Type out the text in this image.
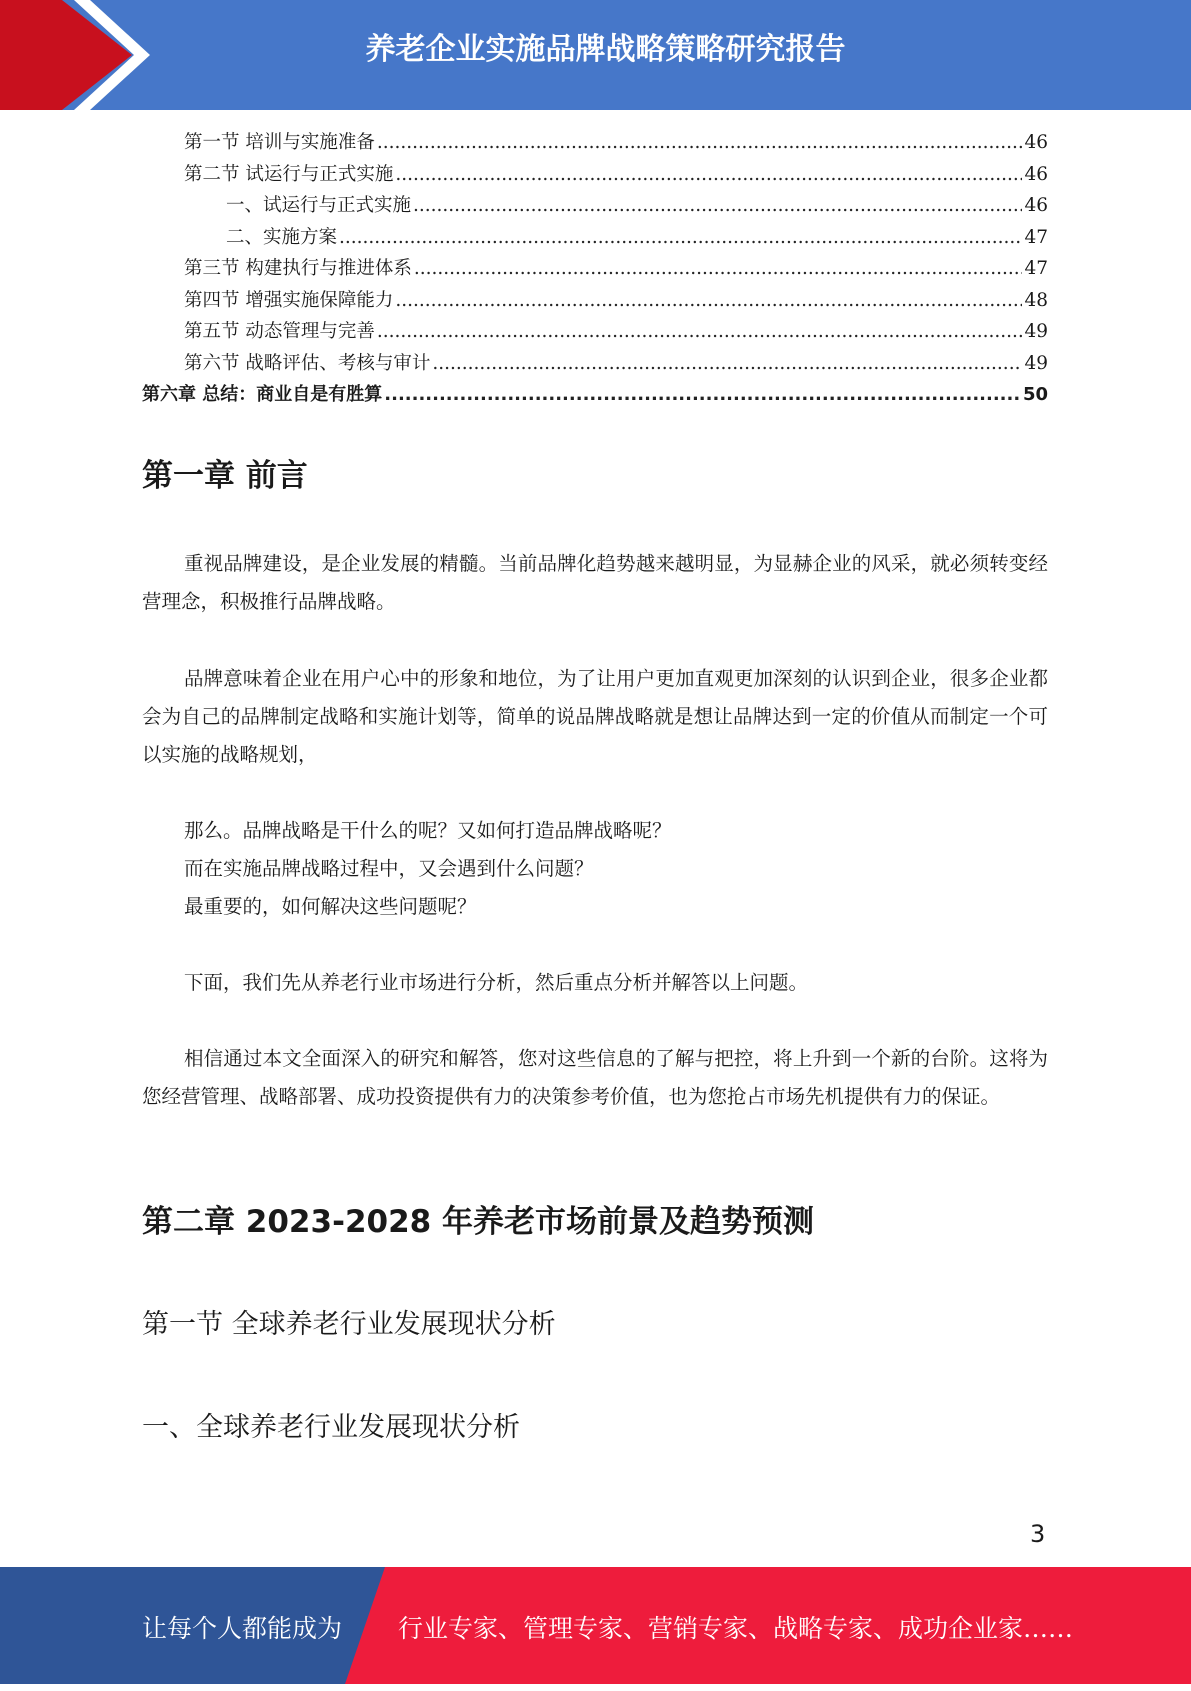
养老企业实施品牌战略策略研究报告
第一节 培训与实施准备 .....	46
第二节 试运行与正式实施 .....	46
一、试运行与正式实施 .....	46
二、实施方案 .....	47
第三节 构建执行与推进体系 .....	47
第四节 增强实施保障能力 .....	48
第五节 动态管理与完善 .....	49
第六节 战略评估、考核与审计 .....	49
第六章 总结：商业自是有胜算 .....	50
第一章 前言

重视品牌建设，是企业发展的精髓。当前品牌化趋势越来越明显，为显赫企业的风采，就必须转变经营理念，积极推行品牌战略。

品牌意味着企业在用户心中的形象和地位，为了让用户更加直观更加深刻的认识到企业，很多企业都会为自己的品牌制定战略和实施计划等，简单的说品牌战略就是想让品牌达到一定的价值从而制定一个可以实施的战略规划，

那么。品牌战略是干什么的呢？又如何打造品牌战略呢？

而在实施品牌战略过程中，又会遇到什么问题？

最重要的，如何解决这些问题呢？

下面，我们先从养老行业市场进行分析，然后重点分析并解答以上问题。

相信通过本文全面深入的研究和解答，您对这些信息的了解与把控，将上升到一个新的台阶。这将为您经营管理、战略部署、成功投资提供有力的决策参考价值，也为您抢占市场先机提供有力的保证。

第二章 2023-2028 年养老市场前景及趋势预测
第一节 全球养老行业发展现状分析
一、全球养老行业发展现状分析
3
让每个人都能成为 行业专家、管理专家、营销专家、战略专家、成功企业家……
